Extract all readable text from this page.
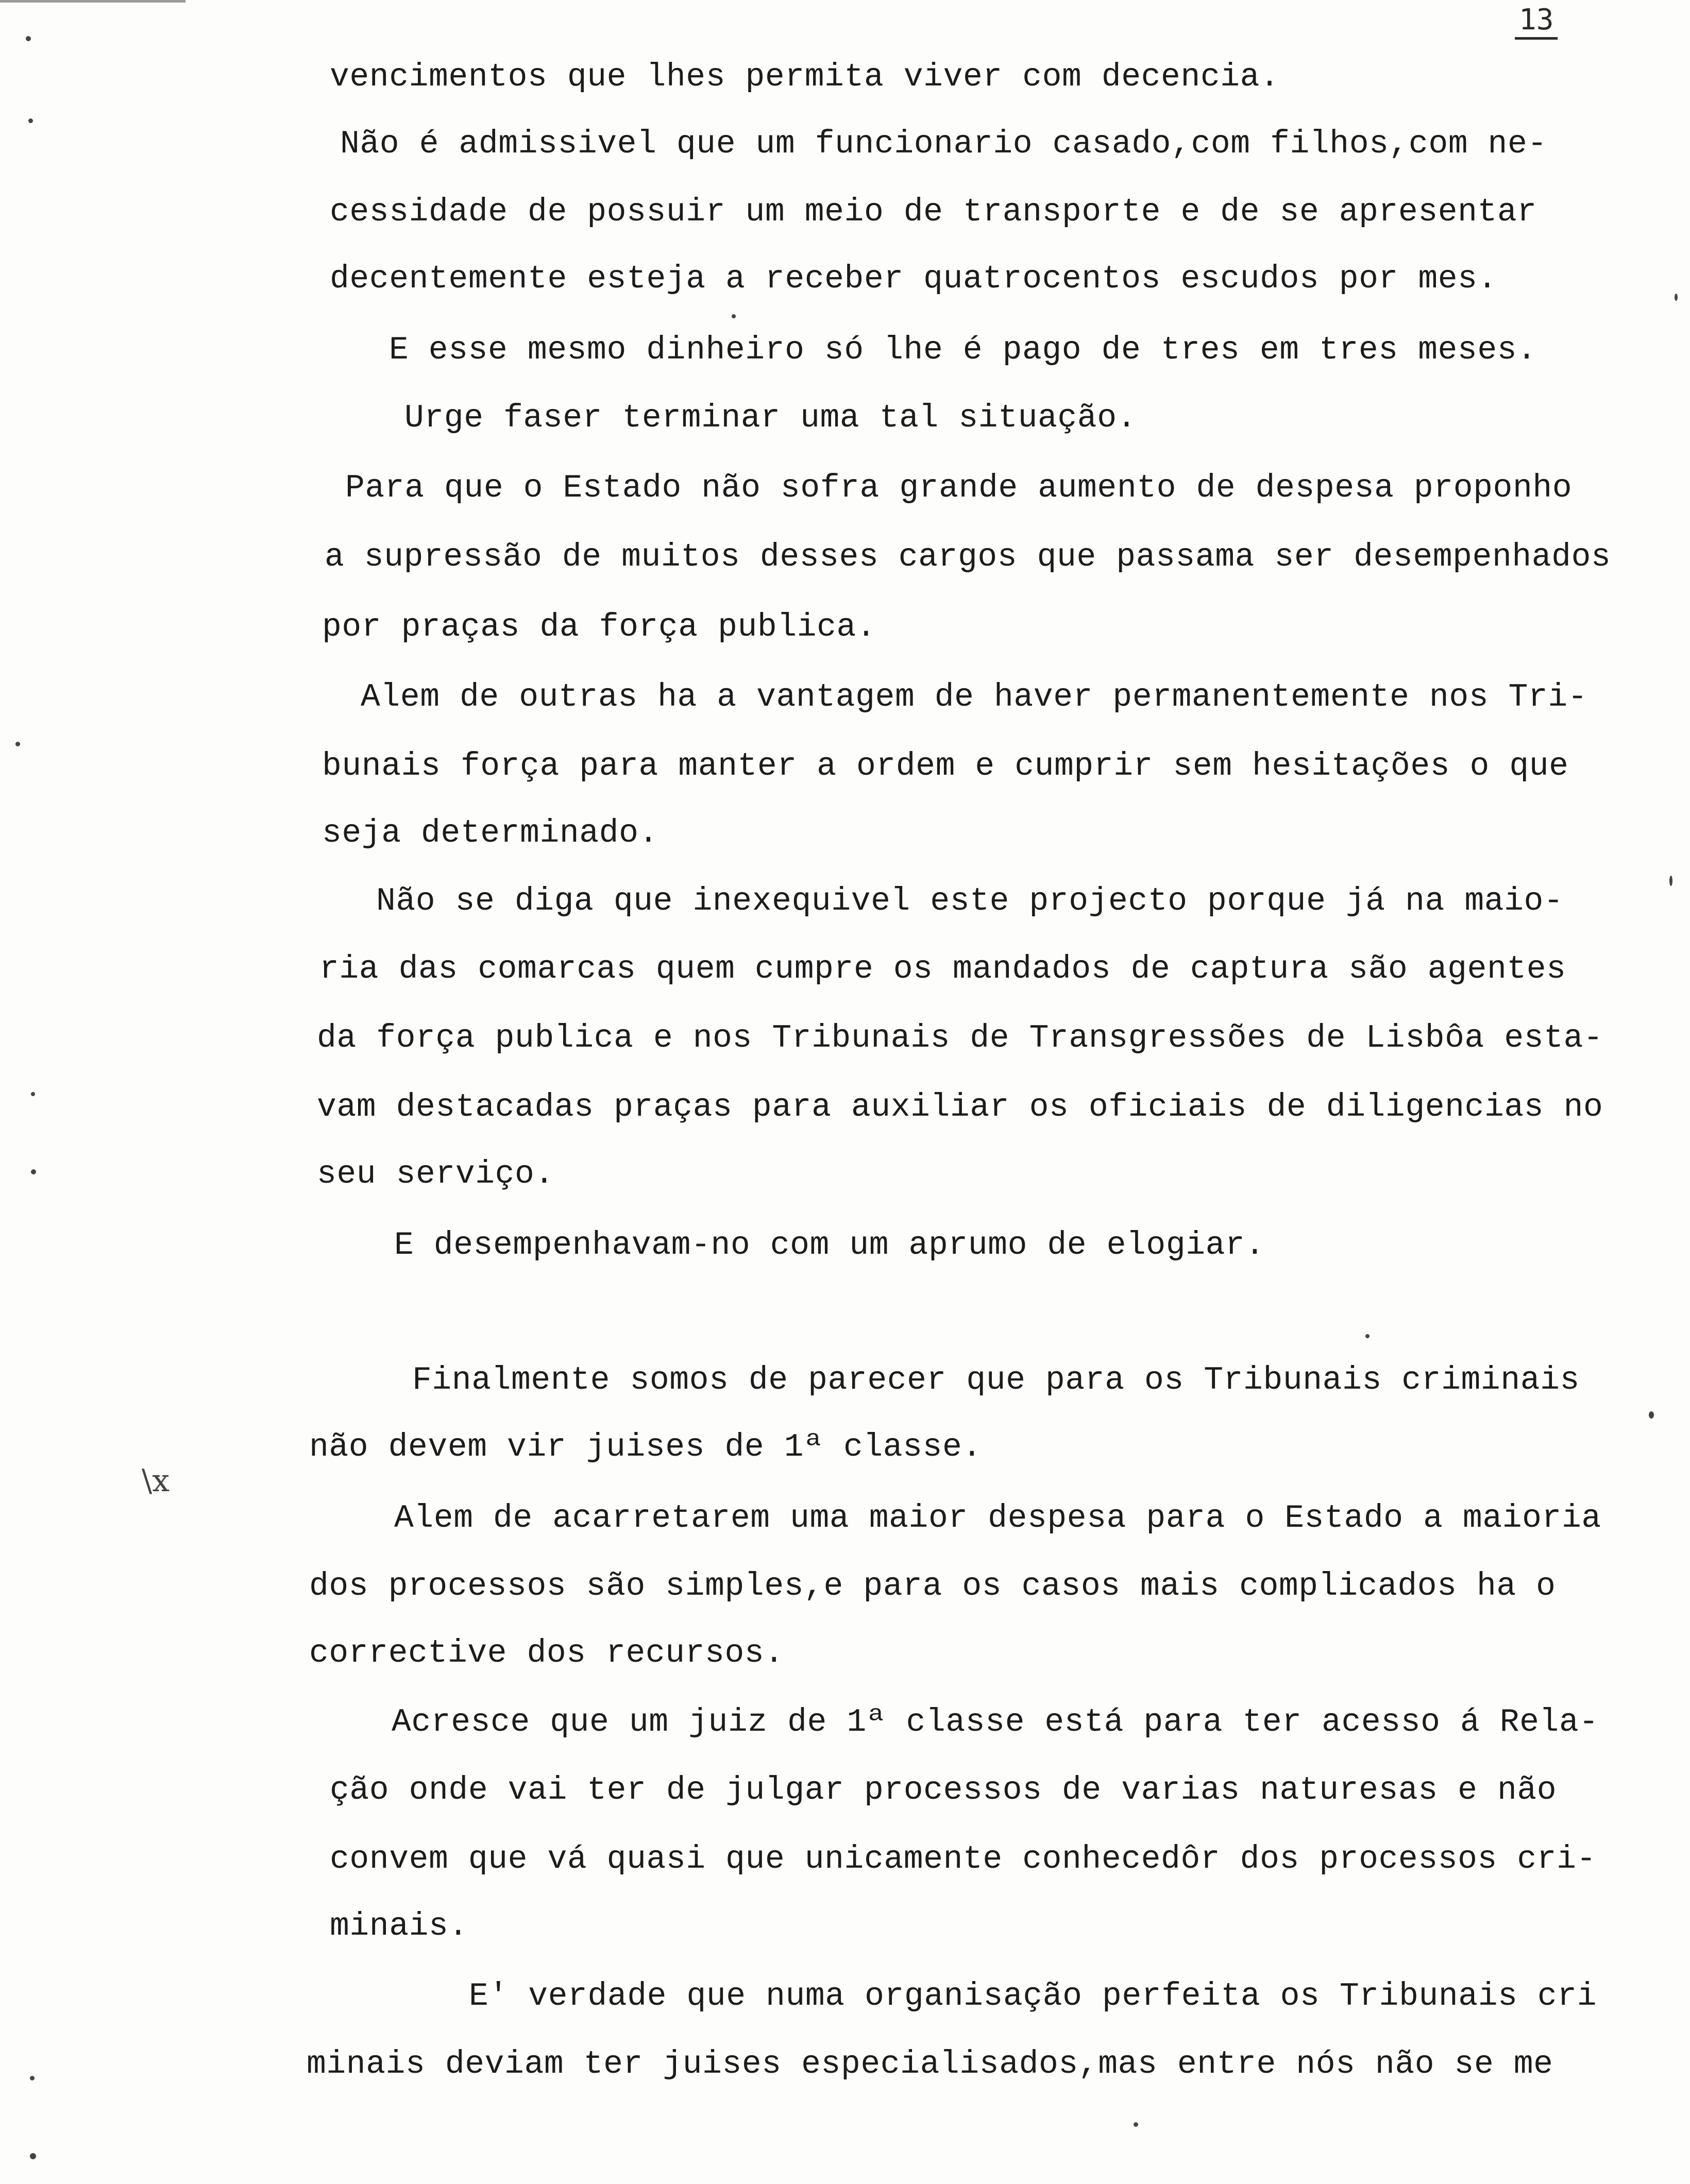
13
vencimentos que lhes permita viver com decencia.
Não é admissivel que um funcionario casado,com filhos,com ne-
cessidade de possuir um meio de transporte e de se apresentar
decentemente esteja a receber quatrocentos escudos por mes.
E esse mesmo dinheiro só lhe é pago de tres em tres meses.
Urge faser terminar uma tal situação.
Para que o Estado não sofra grande aumento de despesa proponho
a supressão de muitos desses cargos que passama ser desempenhados
por praças da força publica.
Alem de outras ha a vantagem de haver permanentemente nos Tri-
bunais força para manter a ordem e cumprir sem hesitações o que
seja determinado.
Não se diga que inexequivel este projecto porque já na maio-
ria das comarcas quem cumpre os mandados de captura são agentes
da força publica e nos Tribunais de Transgressões de Lisbôa esta-
vam destacadas praças para auxiliar os oficiais de diligencias no
seu serviço.
E desempenhavam-no com um aprumo de elogiar.
Finalmente somos de parecer que para os Tribunais criminais
não devem vir juises de 1ª classe.
Alem de acarretarem uma maior despesa para o Estado a maioria
dos processos são simples,e para os casos mais complicados ha o
corrective dos recursos.
Acresce que um juiz de 1ª classe está para ter acesso á Rela-
ção onde vai ter de julgar processos de varias naturesas e não
convem que vá quasi que unicamente conhecedôr dos processos cri-
minais.
E' verdade que numa organisação perfeita os Tribunais cri
minais deviam ter juises especialisados,mas entre nós não se me
\x
